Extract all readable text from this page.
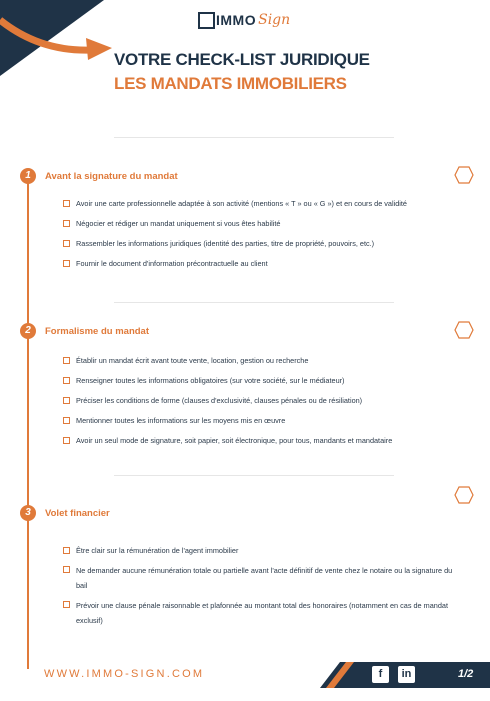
IMMO Sign
VOTRE CHECK-LIST JURIDIQUE
LES MANDATS IMMOBILIERS
1	Avant la signature du mandat
Avoir une carte professionnelle adaptée à son activité (mentions « T » ou « G ») et en cours de validité
Négocier et rédiger un mandat uniquement si vous êtes habilité
Rassembler les informations juridiques (identité des parties, titre de propriété, pouvoirs, etc.)
Fournir le document d'information précontractuelle au client
2	Formalisme du mandat
Établir un mandat écrit avant toute vente, location, gestion ou recherche
Renseigner toutes les informations obligatoires (sur votre société, sur le médiateur)
Préciser les conditions de forme (clauses d'exclusivité, clauses pénales ou de résiliation)
Mentionner toutes les informations sur les moyens mis en œuvre
Avoir un seul mode de signature, soit papier, soit électronique, pour tous, mandants et mandataire
3	Volet financier
Être clair sur la rémunération de l'agent immobilier
Ne demander aucune rémunération totale ou partielle avant l'acte définitif de vente chez le notaire ou la signature du bail
Prévoir une clause pénale raisonnable et plafonnée au montant total des honoraires (notamment en cas de mandat exclusif)
WWW.IMMO-SIGN.COM	f	in	1/2
